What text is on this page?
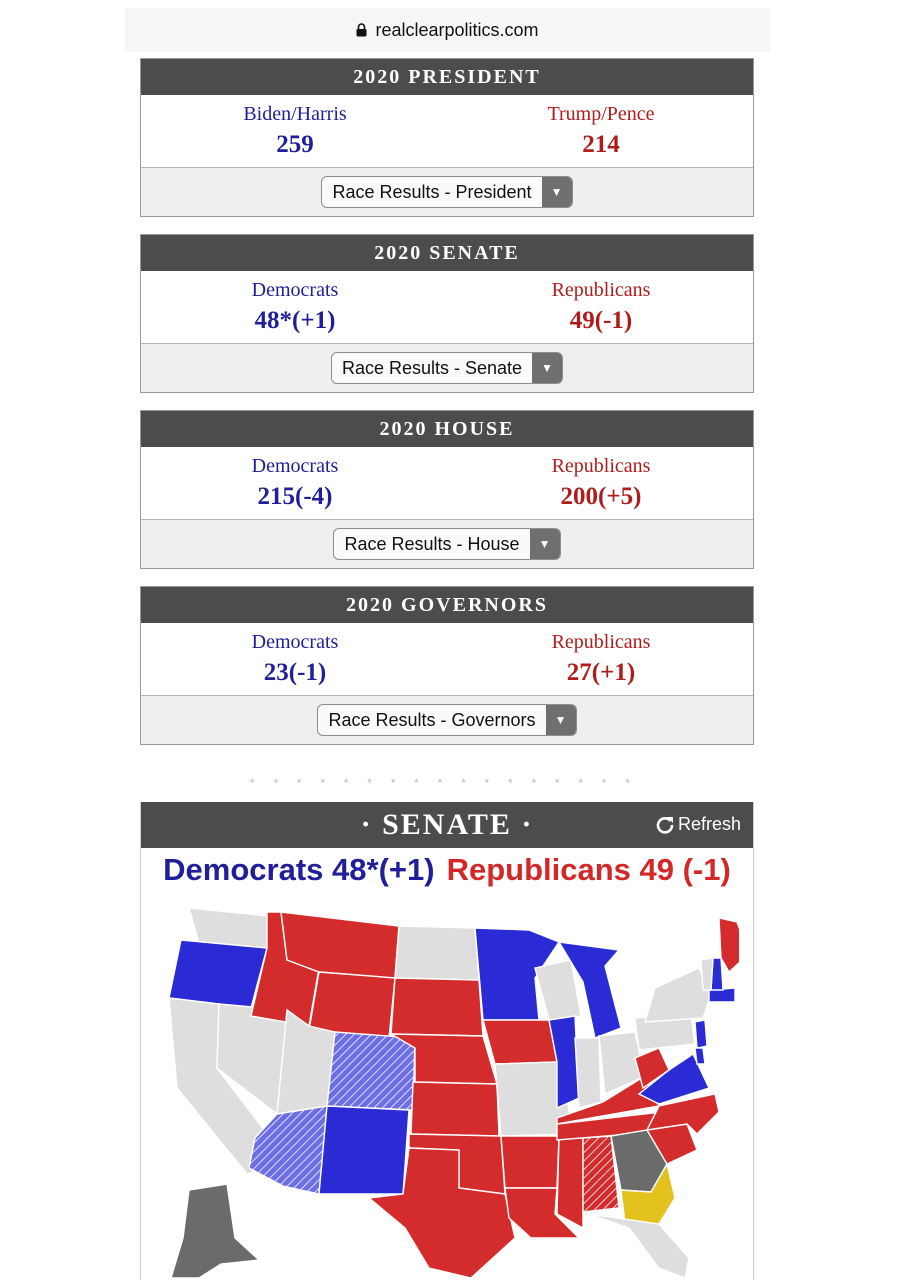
realclearpolitics.com
2020 PRESIDENT
Biden/Harris
259
Trump/Pence
214
Race Results - President	▼
2020 SENATE
Democrats
48*(+1)
Republicans
49(-1)
Race Results - Senate	▼
2020 HOUSE
Democrats
215(-4)
Republicans
200(+5)
Race Results - House	▼
2020 GOVERNORS
Democrats
23(-1)
Republicans
27(+1)
Race Results - Governors	▼
* * * * * * * * * * * * * * * * *
· SENATE ·	Refresh
Democrats 48*(+1) Republicans 49 (-1)
